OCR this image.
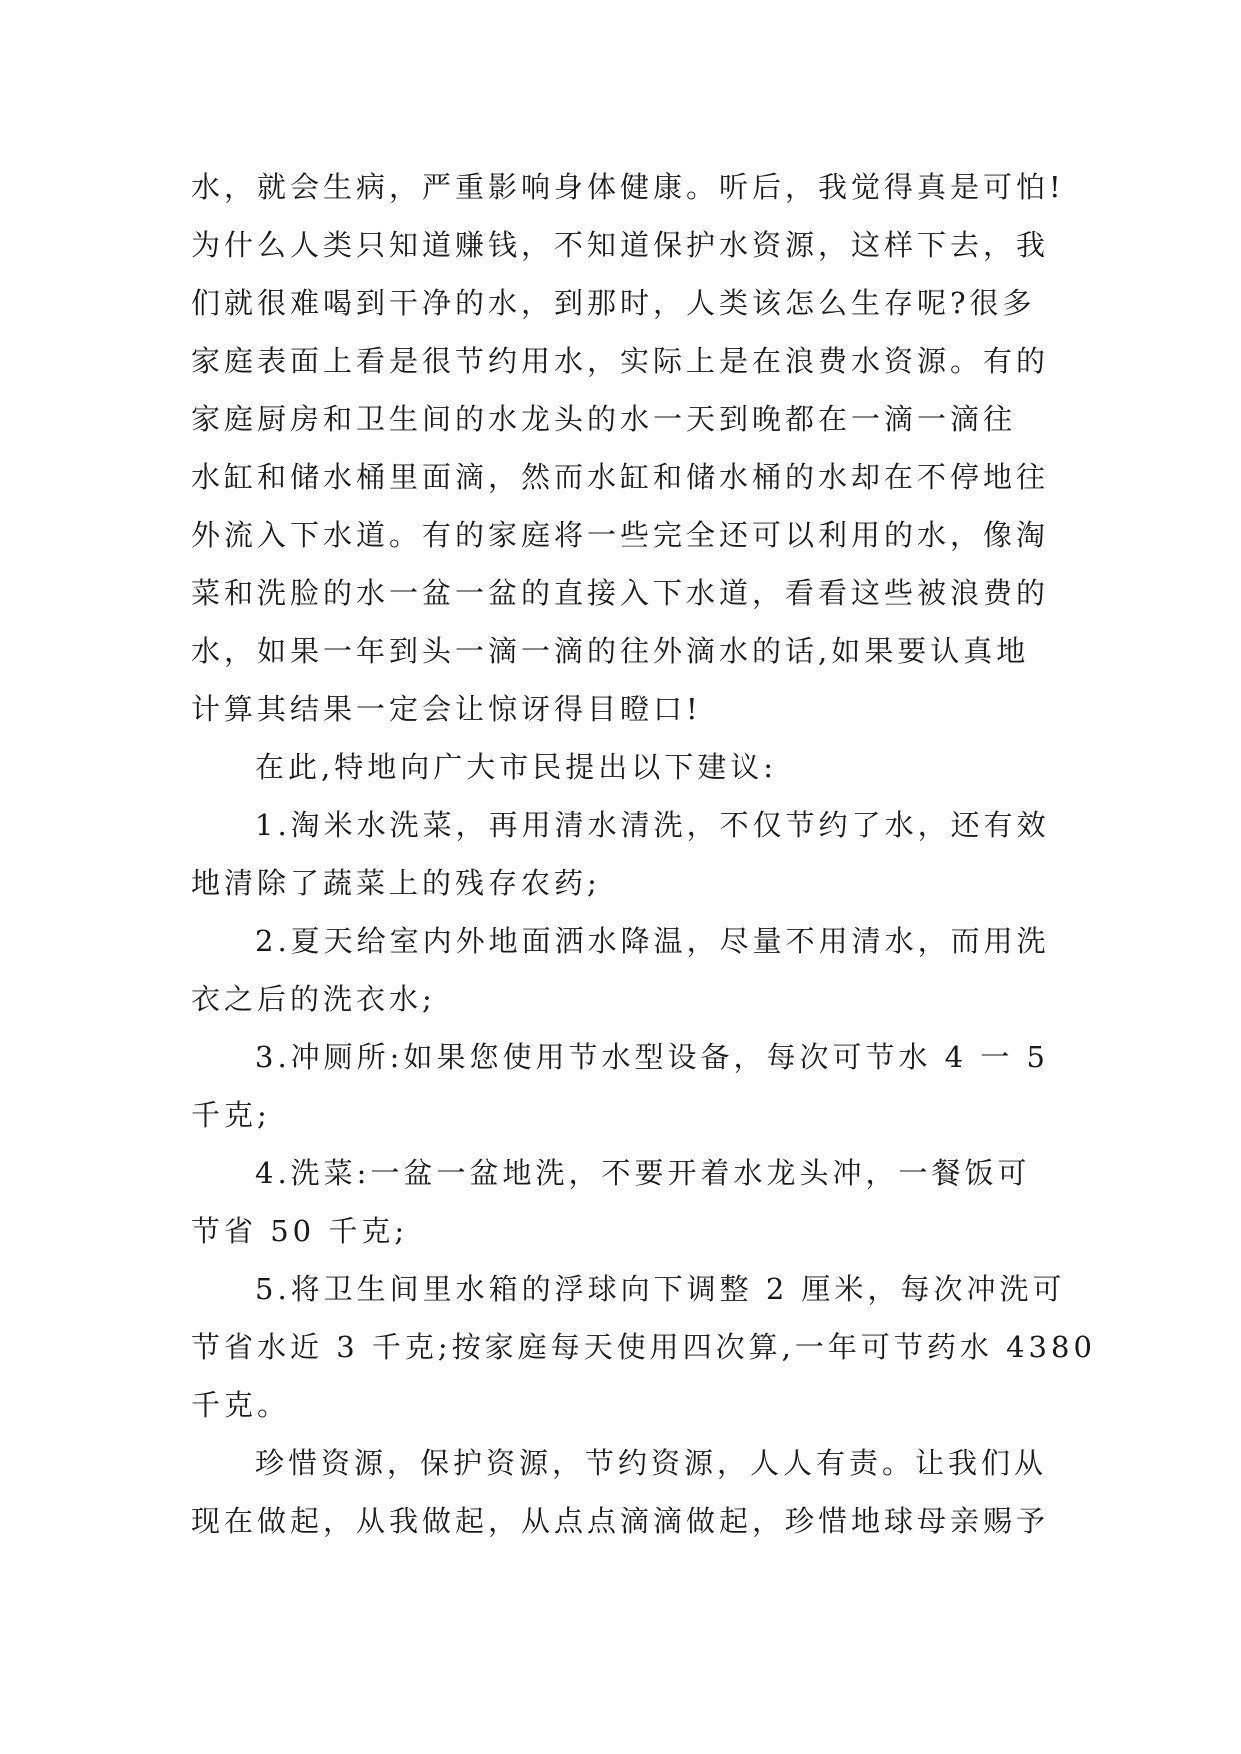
水，就会生病，严重影响身体健康。听后，我觉得真是可怕!
为什么人类只知道赚钱，不知道保护水资源，这样下去，我
们就很难喝到干净的水，到那时，人类该怎么生存呢?很多
家庭表面上看是很节约用水，实际上是在浪费水资源。有的
家庭厨房和卫生间的水龙头的水一天到晚都在一滴一滴往
水缸和储水桶里面滴，然而水缸和储水桶的水却在不停地往
外流入下水道。有的家庭将一些完全还可以利用的水，像淘
菜和洗脸的水一盆一盆的直接入下水道，看看这些被浪费的
水，如果一年到头一滴一滴的往外滴水的话,如果要认真地
计算其结果一定会让惊讶得目瞪口!
在此,特地向广大市民提出以下建议:
1.淘米水洗菜，再用清水清洗，不仅节约了水，还有效
地清除了蔬菜上的残存农药;
2.夏天给室内外地面洒水降温，尽量不用清水，而用洗
衣之后的洗衣水;
3.冲厕所:如果您使用节水型设备，每次可节水 4 一 5
千克;
4.洗菜:一盆一盆地洗，不要开着水龙头冲，一餐饭可
节省 50 千克;
5.将卫生间里水箱的浮球向下调整 2 厘米，每次冲洗可
节省水近 3 千克;按家庭每天使用四次算,一年可节药水 4380
千克。
珍惜资源，保护资源，节约资源，人人有责。让我们从
现在做起，从我做起，从点点滴滴做起，珍惜地球母亲赐予
